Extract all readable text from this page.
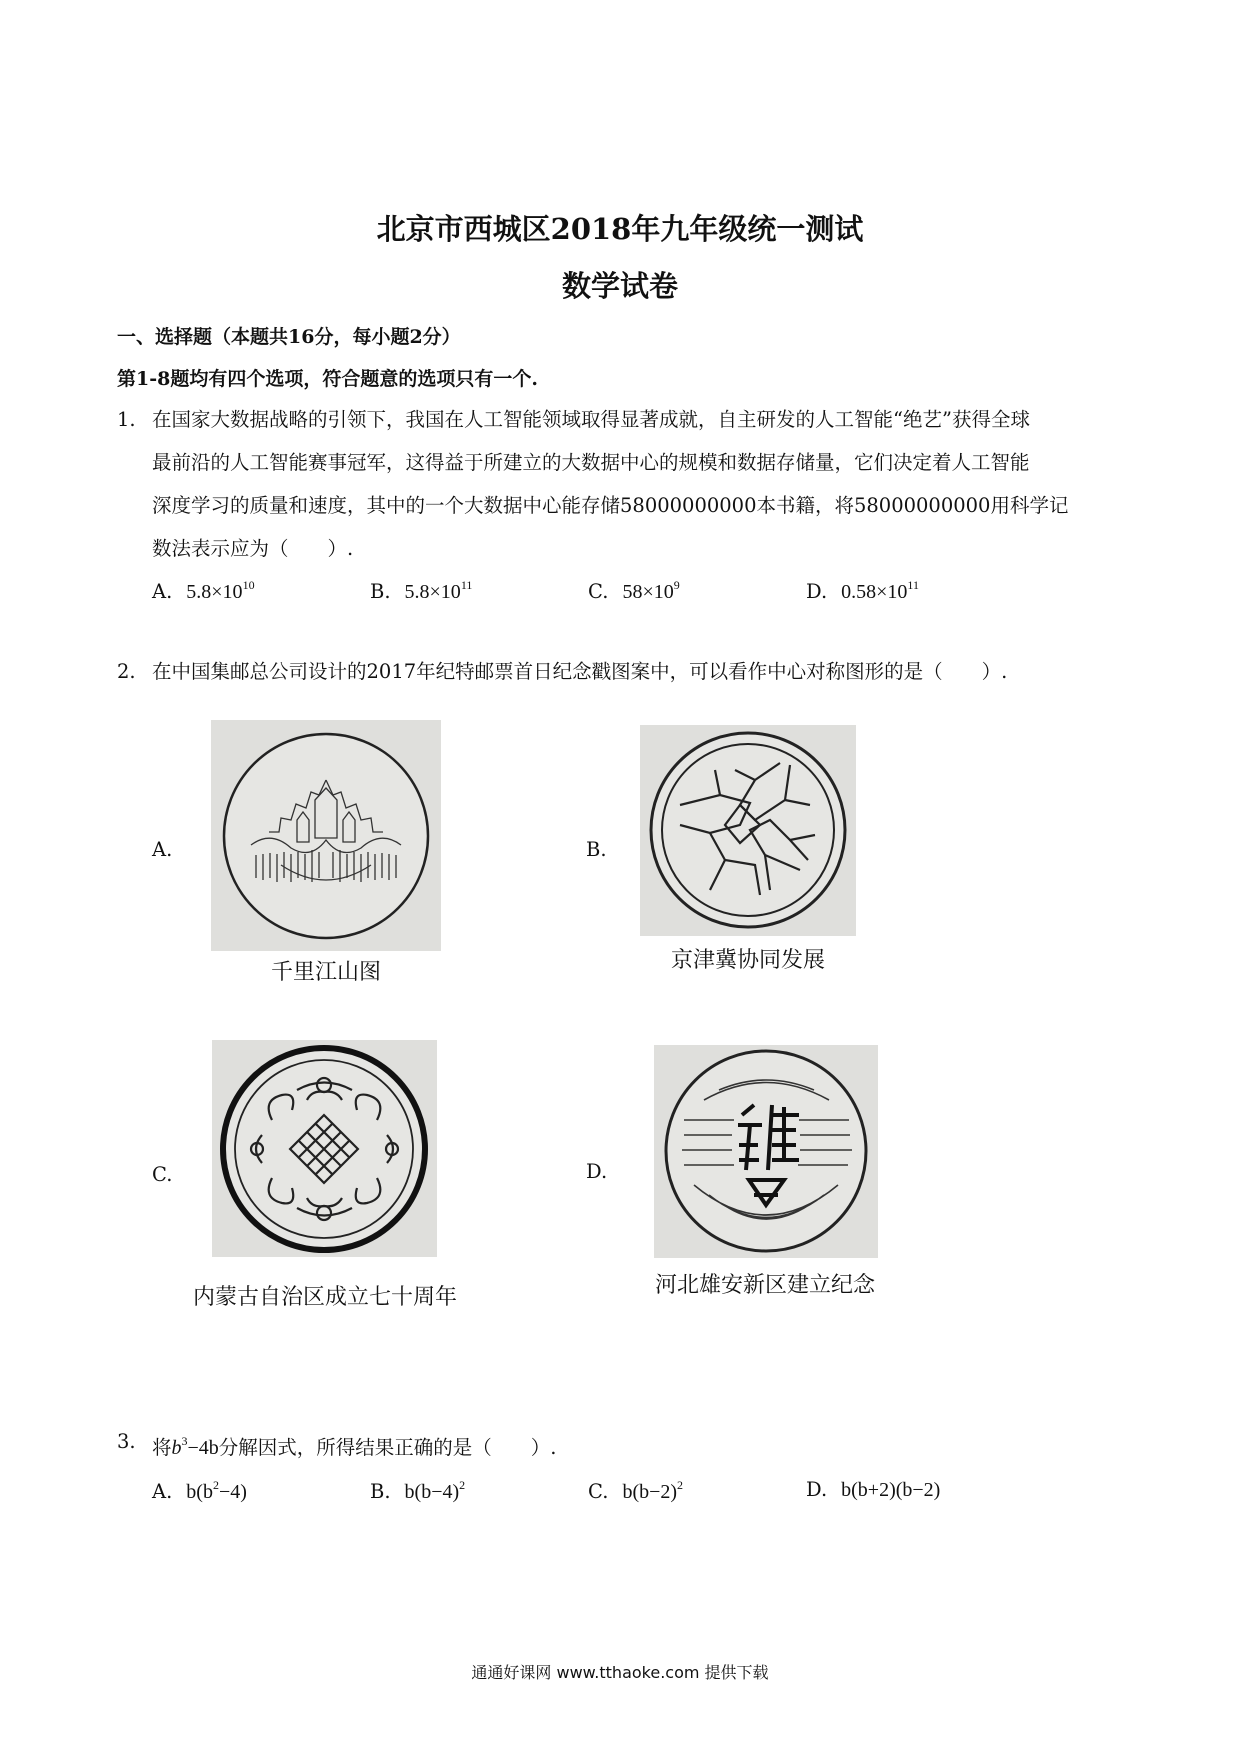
北京市西城区2018年九年级统一测试
数学试卷
一、选择题（本题共16分，每小题2分）
第1-8题均有四个选项，符合题意的选项只有一个.
1. 在国家大数据战略的引领下，我国在人工智能领域取得显著成就，自主研发的人工智能“绝艺”获得全球
最前沿的人工智能赛事冠军，这得益于所建立的大数据中心的规模和数据存储量，它们决定着人工智能
深度学习的质量和速度，其中的一个大数据中心能存储58000000000本书籍，将58000000000用科学记
数法表示应为（　　）.
A. $5.8\times 10^{10}$	B. $5.8\times 10^{11}$	C. $58\times 10^9$	D. $0.58\times 10^{11}$
2. 在中国集邮总公司设计的2017年纪特邮票首日纪念戳图案中，可以看作中心对称图形的是（　　）.
A.
千里江山图
B.
京津冀协同发展
C.
内蒙古自治区成立七十周年
D.
河北雄安新区建立纪念
3. 将$b^3-4b$分解因式，所得结果正确的是（　　）.
A. $b(b^2-4)$	B. $b(b-4)^2$	C. $b(b-2)^2$	D. b(b+2)(b−2)
通通好课网 www.tthaoke.com 提供下载
